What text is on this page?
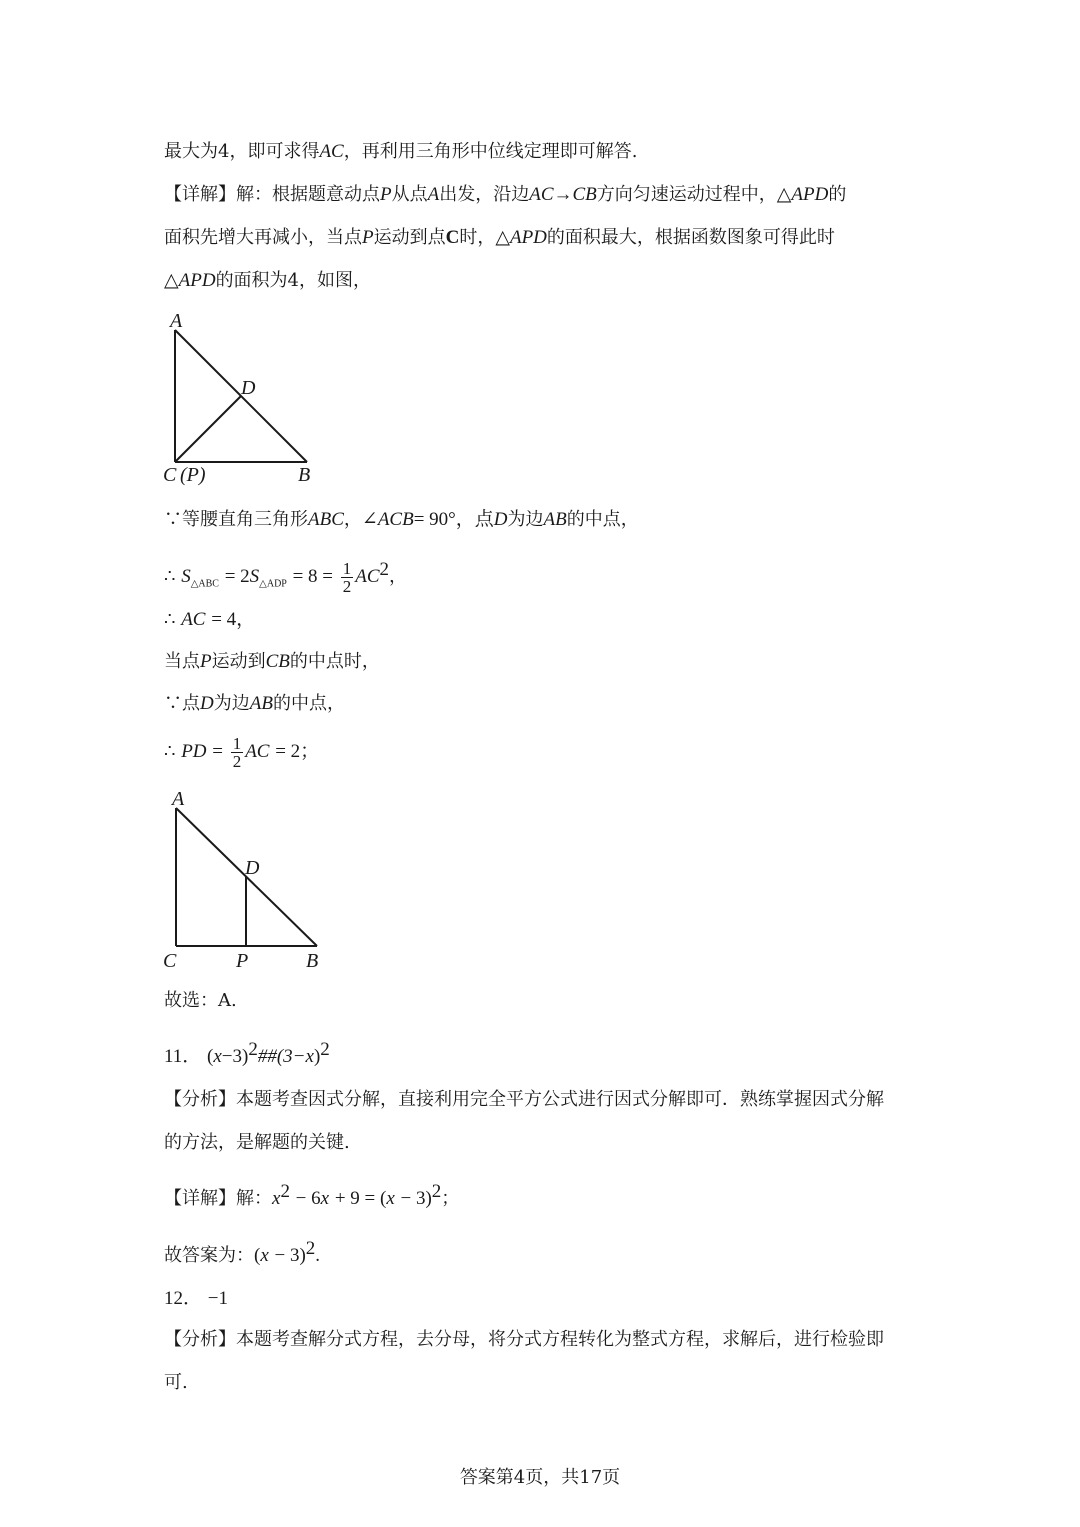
最大为4，即可求得AC，再利用三角形中位线定理即可解答.
【详解】解：根据题意动点P从点A出发，沿边AC→CB方向匀速运动过程中，△APD的
面积先增大再减小，当点P运动到点C时，△APD的面积最大，根据函数图象可得此时
△APD的面积为4，如图，
A
D
C (P)	B
∵等腰直角三角形ABC，∠ACB= 90°，点D为边AB的中点，
∴ $S_{\triangle ABC} = 2S_{\triangle ADP} = 8 = \frac{1}{2} AC^2$，
∴ AC = 4，
当点P运动到CB的中点时，
∵点D为边AB的中点，
∴ PD = $\frac{1}{2}$ AC = 2；
A
D
C	P	B
故选：A.
11． $(x-3)^2\#\#(3-x)^2$
【分析】本题考查因式分解，直接利用完全平方公式进行因式分解即可．熟练掌握因式分解
的方法，是解题的关键.
【详解】解：$x^2 - 6x + 9 = (x - 3)^2$；
故答案为：$(x - 3)^2$.
12． −1
【分析】本题考查解分式方程，去分母，将分式方程转化为整式方程，求解后，进行检验即
可.
答案第4页，共17页
